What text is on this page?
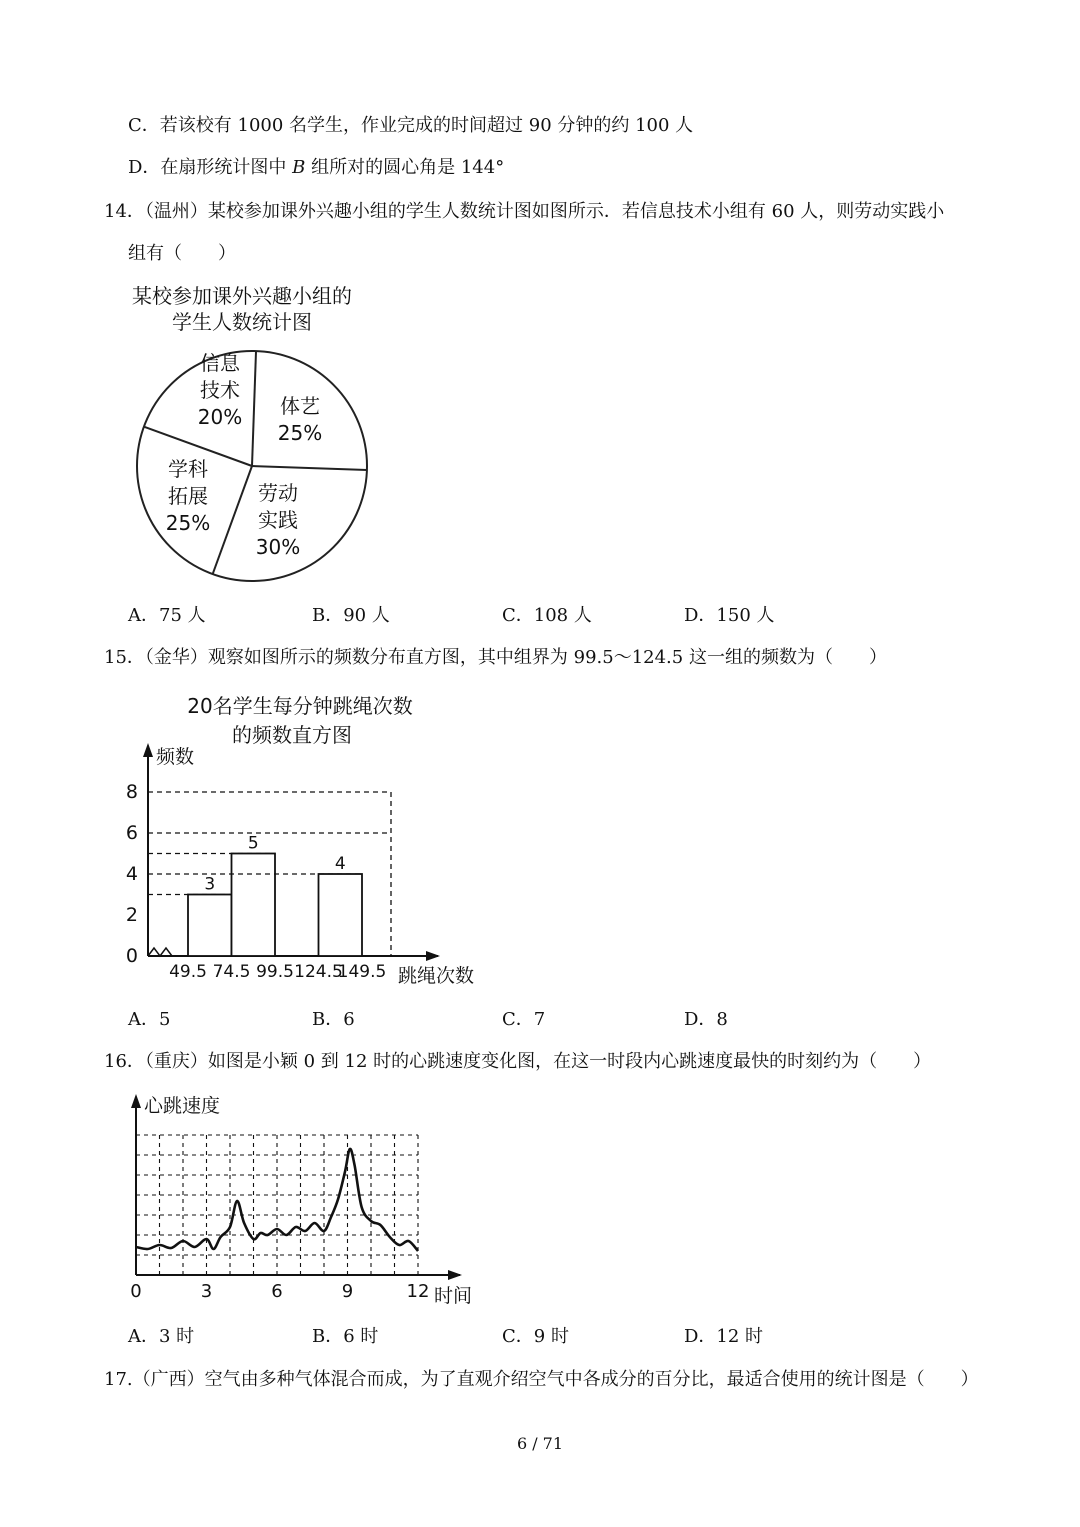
C．若该校有 1000 名学生，作业完成的时间超过 90 分钟的约 100 人
D．在扇形统计图中 B 组所对的圆心角是 144°
14．（温州）某校参加课外兴趣小组的学生人数统计图如图所示．若信息技术小组有 60 人，则劳动实践小
组有（　　）
某校参加课外兴趣小组的
学生人数统计图
体艺
25%
劳动
实践
30%
学科
拓展
25%
信息
技术
20%
A．75 人	B．90 人	C．108 人	D．150 人
15．（金华）观察如图所示的频数分布直方图，其中组界为 99.5～124.5 这一组的频数为（　　）
20名学生每分钟跳绳次数
的频数直方图
频数
跳绳次数
0
2
4
6
8
3
5
4
49.5 74.5 99.5 124.5
149.5
A．5	B．6	C．7	D．8
16．（重庆）如图是小颖 0 到 12 时的心跳速度变化图，在这一时段内心跳速度最快的时刻约为（　　）
心跳速度
时间
0	3	6	9	12
A．3 时	B．6 时	C．9 时	D．12 时
17.（广西）空气由多种气体混合而成，为了直观介绍空气中各成分的百分比，最适合使用的统计图是（　　）
6 / 71
